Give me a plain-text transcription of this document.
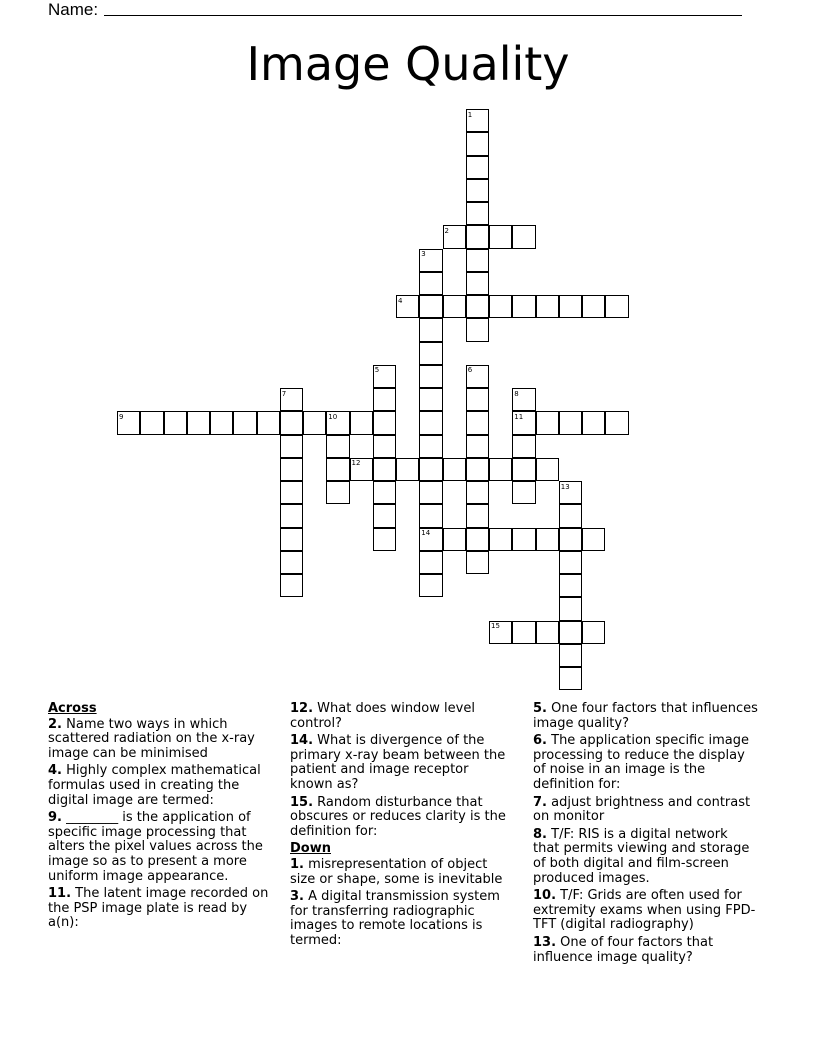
Name:
Image Quality
1
2
3
4
5	6
7	8
9	10	11
12
13
14
15
Across
2. Name two ways in which scattered radiation on the x-ray image can be minimised
4. Highly complex mathematical formulas used in creating the digital image are termed:
9. ________ is the application of specific image processing that alters the pixel values across the image so as to present a more uniform image appearance.
11. The latent image recorded on the PSP image plate is read by a(n):
12. What does window level control?
14. What is divergence of the primary x-ray beam between the patient and image receptor known as?
15. Random disturbance that obscures or reduces clarity is the definition for:
Down
1. misrepresentation of object size or shape, some is inevitable
3. A digital transmission system for transferring radiographic images to remote locations is termed:
5. One four factors that influences image quality?
6. The application specific image processing to reduce the display of noise in an image is the definition for:
7. adjust brightness and contrast on monitor
8. T/F: RIS is a digital network that permits viewing and storage of both digital and film-screen produced images.
10. T/F: Grids are often used for extremity exams when using FPD-TFT (digital radiography)
13. One of four factors that influence image quality?
